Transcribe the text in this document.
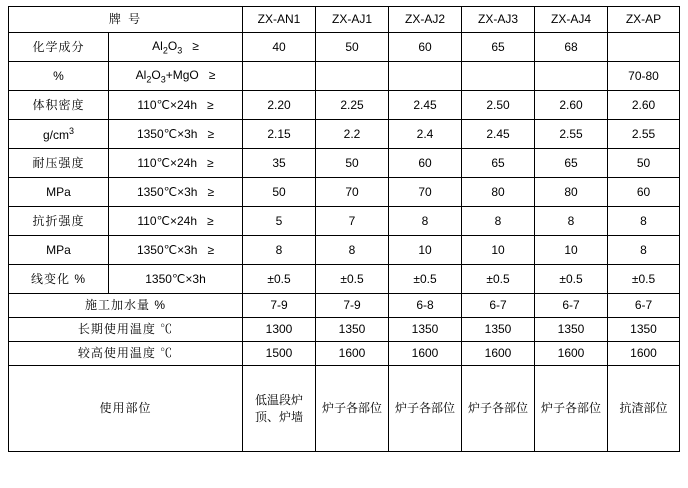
牌 号		ZX-AN1	ZX-AJ1	ZX-AJ2	ZX-AJ3	ZX-AJ4	ZX-AP
化学成分	$Al_2O_3$ ≥	40	50	60	65	68	
%	$Al_2O_3+MgO$ ≥						70-80
体积密度	110℃×24h ≥	2.20	2.25	2.45	2.50	2.60	2.60
$g/cm^3$	1350℃×3h ≥	2.15	2.2	2.4	2.45	2.55	2.55
耐压强度	110℃×24h ≥	35	50	60	65	65	50
MPa	1350℃×3h ≥	50	70	70	80	80	60
抗折强度	110℃×24h ≥	5	7	8	8	8	8
MPa	1350℃×3h ≥	8	8	10	10	10	8
线变化 %	1350℃×3h	±0.5	±0.5	±0.5	±0.5	±0.5	±0.5
施工加水量 %		7-9	7-9	6-8	6-7	6-7	6-7
长期使用温度 ℃		1300	1350	1350	1350	1350	1350
较高使用温度 ℃		1500	1600	1600	1600	1600	1600
使用部位		低温段炉顶、炉墙	炉子各部位	炉子各部位	炉子各部位	炉子各部位	抗渣部位
